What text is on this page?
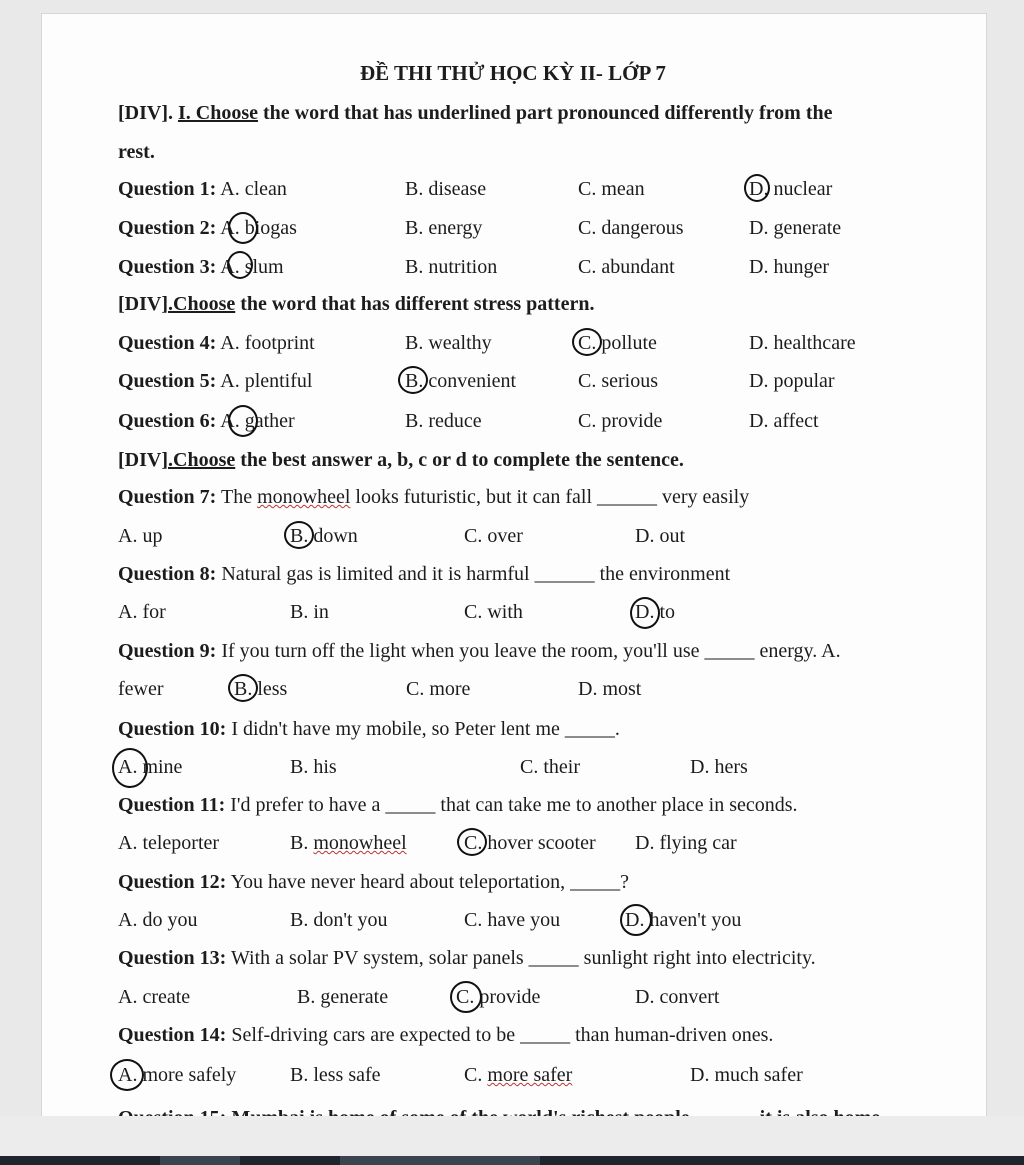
ĐỀ THI THỬ HỌC KỲ II- LỚP 7
[DIV]. I. Choose the word that has underlined part pronounced differently from the
rest.
Question 1: A. clean	B. disease	C. mean	D. nuclear
Question 2: A. biogas	B. energy	C. dangerous	D. generate
Question 3: A. slum	B. nutrition	C. abundant	D. hunger
[DIV].Choose the word that has different stress pattern.
Question 4: A. footprint	B. wealthy	C. pollute	D. healthcare
Question 5: A. plentiful	B. convenient	C. serious	D. popular
Question 6: A. gather	B. reduce	C. provide	D. affect
[DIV].Choose the best answer a, b, c or d to complete the sentence.
Question 7: The monowheel looks futuristic, but it can fall ______ very easily
A. up	B. down	C. over	D. out
Question 8: Natural gas is limited and it is harmful ______ the environment
A. for	B. in	C. with	D. to
Question 9: If you turn off the light when you leave the room, you'll use _____ energy. A.
fewer	B. less	C. more	D. most
Question 10: I didn't have my mobile, so Peter lent me _____.
A. mine	B. his	C. their	D. hers
Question 11: I'd prefer to have a _____ that can take me to another place in seconds.
A. teleporter	B. monowheel	C. hover scooter D. flying car
Question 12: You have never heard about teleportation, _____?
A. do you	B. don't you	C. have you	D. haven't you
Question 13: With a solar PV system, solar panels _____ sunlight right into electricity.
A. create	B. generate	C. provide	D. convert
Question 14: Self-driving cars are expected to be _____ than human-driven ones.
A. more safely	B. less safe	C. more safer	D. much safer
